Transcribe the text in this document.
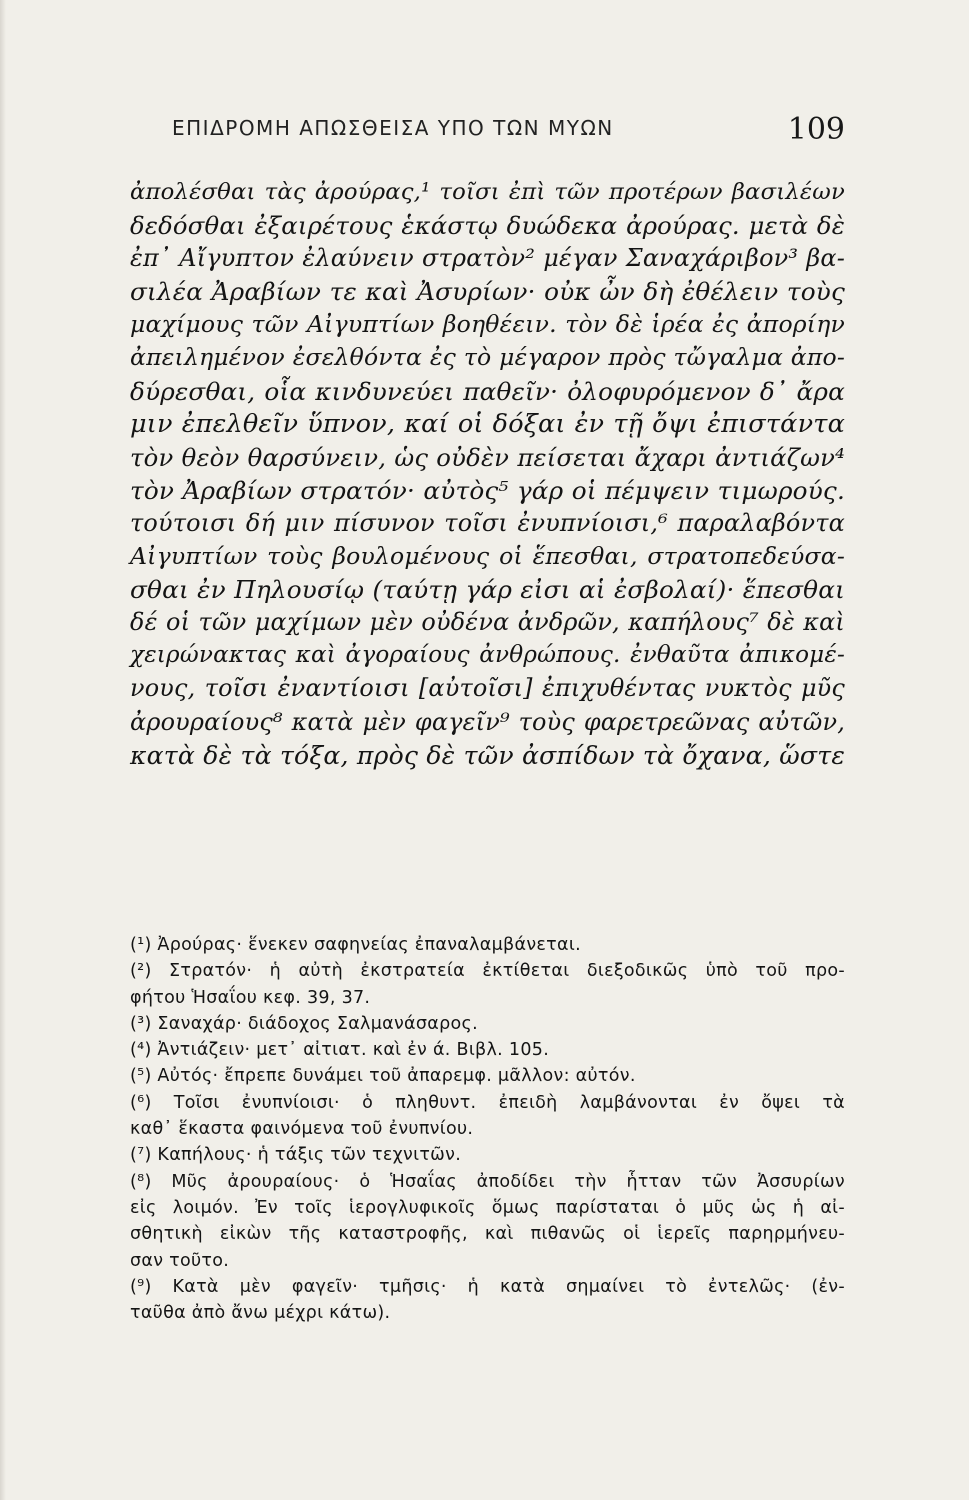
ΕΠΙΔΡΟΜΗ ΑΠΩΣΘΕΙΣΑ ΥΠΟ ΤΩΝ ΜΥΩΝ	109
ἀπολέσθαι τὰς ἀρούρας,¹ τοῖσι ἐπὶ τῶν προτέρων βασιλέων
δεδόσθαι ἐξαιρέτους ἑκάστῳ δυώδεκα ἀρούρας. μετὰ δὲ
ἐπ᾽ Αἴγυπτον ἐλαύνειν στρατὸν² μέγαν Σαναχάριβον³ βα-
σιλέα Ἀραβίων τε καὶ Ἀσυρίων· οὐκ ὦν δὴ ἐθέλειν τοὺς
μαχίμους τῶν Αἰγυπτίων βοηθέειν. τὸν δὲ ἱρέα ἐς ἀπορίην
ἀπειλημένον ἐσελθόντα ἐς τὸ μέγαρον πρὸς τὤγαλμα ἀπο-
δύρεσθαι, οἷα κινδυνεύει παθεῖν· ὀλοφυρόμενον δ᾽ ἄρα
μιν ἐπελθεῖν ὕπνον, καί οἱ δόξαι ἐν τῇ ὄψι ἐπιστάντα
τὸν θεὸν θαρσύνειν, ὡς οὐδὲν πείσεται ἄχαρι ἀντιάζων⁴
τὸν Ἀραβίων στρατόν· αὐτὸς⁵ γάρ οἱ πέμψειν τιμωρούς.
τούτοισι δή μιν πίσυνον τοῖσι ἐνυπνίοισι,⁶ παραλαβόντα
Αἰγυπτίων τοὺς βουλομένους οἱ ἕπεσθαι, στρατοπεδεύσα-
σθαι ἐν Πηλουσίῳ (ταύτῃ γάρ εἰσι αἱ ἐσβολαί)· ἕπεσθαι
δέ οἱ τῶν μαχίμων μὲν οὐδένα ἀνδρῶν, καπήλους⁷ δὲ καὶ
χειρώνακτας καὶ ἀγοραίους ἀνθρώπους. ἐνθαῦτα ἀπικομέ-
νους, τοῖσι ἐναντίοισι [αὐτοῖσι] ἐπιχυθέντας νυκτὸς μῦς
ἀρουραίους⁸ κατὰ μὲν φαγεῖν⁹ τοὺς φαρετρεῶνας αὐτῶν,
κατὰ δὲ τὰ τόξα, πρὸς δὲ τῶν ἀσπίδων τὰ ὄχανα, ὥστε
(¹) Ἀρούρας· ἕνεκεν σαφηνείας ἐπαναλαμβάνεται.
(²) Στρατόν· ἡ αὐτὴ ἐκστρατεία ἐκτίθεται διεξοδικῶς ὑπὸ τοῦ προ-
φήτου Ἡσαΐου κεφ. 39, 37.
(³) Σαναχάρ· διάδοχος Σαλμανάσαρος.
(⁴) Ἀντιάζειν· μετ᾽ αἰτιατ. καὶ ἐν ά. Βιβλ. 105.
(⁵) Αὐτός· ἔπρεπε δυνάμει τοῦ ἀπαρεμφ. μᾶλλον: αὐτόν.
(⁶) Τοῖσι ἐνυπνίοισι· ὁ πληθυντ. ἐπειδὴ λαμβάνονται ἐν ὄψει τὰ
καθ᾽ ἕκαστα φαινόμενα τοῦ ἐνυπνίου.
(⁷) Καπήλους· ἡ τάξις τῶν τεχνιτῶν.
(⁸) Μῦς ἀρουραίους· ὁ Ἡσαΐας ἀποδίδει τὴν ἧτταν τῶν Ἀσσυρίων
εἰς λοιμόν. Ἐν τοῖς ἱερογλυφικοῖς ὅμως παρίσταται ὁ μῦς ὡς ἡ αἰ-
σθητικὴ εἰκὼν τῆς καταστροφῆς, καὶ πιθανῶς οἱ ἱερεῖς παρηρμήνευ-
σαν τοῦτο.
(⁹) Κατὰ μὲν φαγεῖν· τμῆσις· ἡ κατὰ σημαίνει τὸ ἐντελῶς· (ἐν-
ταῦθα ἀπὸ ἄνω μέχρι κάτω).
